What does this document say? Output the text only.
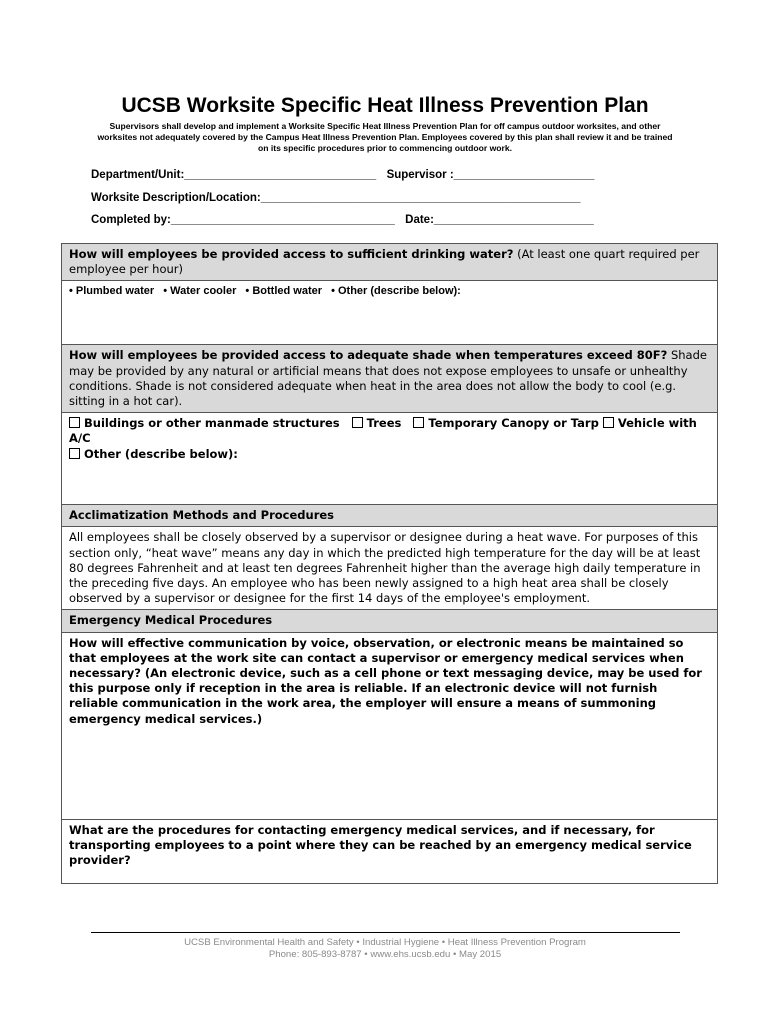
UCSB Worksite Specific Heat Illness Prevention Plan
Supervisors shall develop and implement a Worksite Specific Heat Illness Prevention Plan for off campus outdoor worksites, and other worksites not adequately covered by the Campus Heat Illness Prevention Plan. Employees covered by this plan shall review it and be trained on its specific procedures prior to commencing outdoor work.
Department/Unit:______________________________ Supervisor :______________________
Worksite Description/Location:__________________________________________________
Completed by:___________________________________ Date:_________________________
How will employees be provided access to sufficient drinking water? (At least one quart required per employee per hour)

• Plumbed water • Water cooler • Bottled water • Other (describe below):

How will employees be provided access to adequate shade when temperatures exceed 80F? Shade may be provided by any natural or artificial means that does not expose employees to unsafe or unhealthy conditions. Shade is not considered adequate when heat in the area does not allow the body to cool (e.g. sitting in a hot car).
Buildings or other manmade structures Trees Temporary Canopy or Tarp Vehicle with A/C
Other (describe below):
Acclimatization Methods and Procedures
All employees shall be closely observed by a supervisor or designee during a heat wave. For purposes of this section only, “heat wave” means any day in which the predicted high temperature for the day will be at least 80 degrees Fahrenheit and at least ten degrees Fahrenheit higher than the average high daily temperature in the preceding five days. An employee who has been newly assigned to a high heat area shall be closely observed by a supervisor or designee for the first 14 days of the employee's employment.
Emergency Medical Procedures
How will effective communication by voice, observation, or electronic means be maintained so that employees at the work site can contact a supervisor or emergency medical services when necessary? (An electronic device, such as a cell phone or text messaging device, may be used for this purpose only if reception in the area is reliable. If an electronic device will not furnish reliable communication in the work area, the employer will ensure a means of summoning emergency medical services.)
What are the procedures for contacting emergency medical services, and if necessary, for transporting employees to a point where they can be reached by an emergency medical service provider?
UCSB Environmental Health and Safety • Industrial Hygiene • Heat Illness Prevention Program
Phone: 805-893-8787 • www.ehs.ucsb.edu • May 2015
